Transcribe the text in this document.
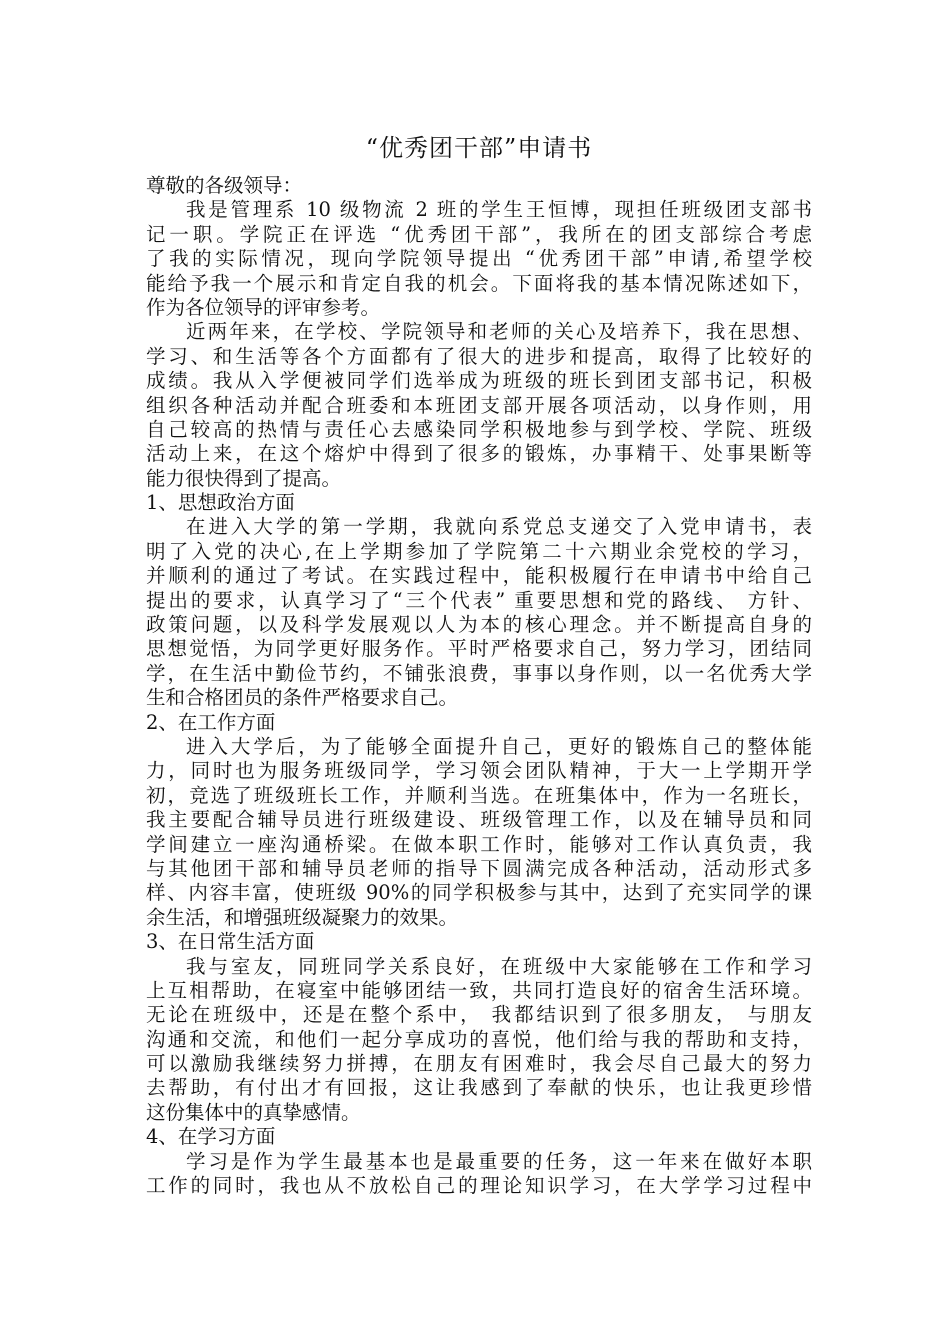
“优秀团干部”申请书
尊敬的各级领导：
我是管理系 10 级物流 2 班的学生王恒博，现担任班级团支部书
记一职。学院正在评选 “优秀团干部”，我所在的团支部综合考虑
了我的实际情况，现向学院领导提出 “优秀团干部”申请,希望学校
能给予我一个展示和肯定自我的机会。下面将我的基本情况陈述如下，
作为各位领导的评审参考。
近两年来，在学校、学院领导和老师的关心及培养下，我在思想、
学习、和生活等各个方面都有了很大的进步和提高，取得了比较好的
成绩。我从入学便被同学们选举成为班级的班长到团支部书记，积极
组织各种活动并配合班委和本班团支部开展各项活动，以身作则，用
自己较高的热情与责任心去感染同学积极地参与到学校、学院、班级
活动上来，在这个熔炉中得到了很多的锻炼，办事精干、处事果断等
能力很快得到了提高。
1、思想政治方面
在进入大学的第一学期，我就向系党总支递交了入党申请书，表
明了入党的决心,在上学期参加了学院第二十六期业余党校的学习，
并顺利的通过了考试。在实践过程中，能积极履行在申请书中给自己
提出的要求，认真学习了“三个代表” 重要思想和党的路线、 方针、
政策问题，以及科学发展观以人为本的核心理念。并不断提高自身的
思想觉悟，为同学更好服务作。平时严格要求自己，努力学习，团结同
学，在生活中勤俭节约，不铺张浪费，事事以身作则，以一名优秀大学
生和合格团员的条件严格要求自己。
2、在工作方面
进入大学后，为了能够全面提升自己，更好的锻炼自己的整体能
力，同时也为服务班级同学，学习领会团队精神，于大一上学期开学
初，竞选了班级班长工作，并顺利当选。在班集体中，作为一名班长，
我主要配合辅导员进行班级建设、班级管理工作，以及在辅导员和同
学间建立一座沟通桥梁。在做本职工作时，能够对工作认真负责，我
与其他团干部和辅导员老师的指导下圆满完成各种活动，活动形式多
样、内容丰富，使班级 90%的同学积极参与其中，达到了充实同学的课
余生活，和增强班级凝聚力的效果。
3、在日常生活方面
我与室友，同班同学关系良好，在班级中大家能够在工作和学习
上互相帮助，在寝室中能够团结一致，共同打造良好的宿舍生活环境。
无论在班级中，还是在整个系中， 我都结识到了很多朋友， 与朋友
沟通和交流，和他们一起分享成功的喜悦，他们给与我的帮助和支持，
可以激励我继续努力拼搏，在朋友有困难时，我会尽自己最大的努力
去帮助，有付出才有回报，这让我感到了奉献的快乐，也让我更珍惜
这份集体中的真挚感情。
4、在学习方面
学习是作为学生最基本也是最重要的任务，这一年来在做好本职
工作的同时，我也从不放松自己的理论知识学习，在大学学习过程中
